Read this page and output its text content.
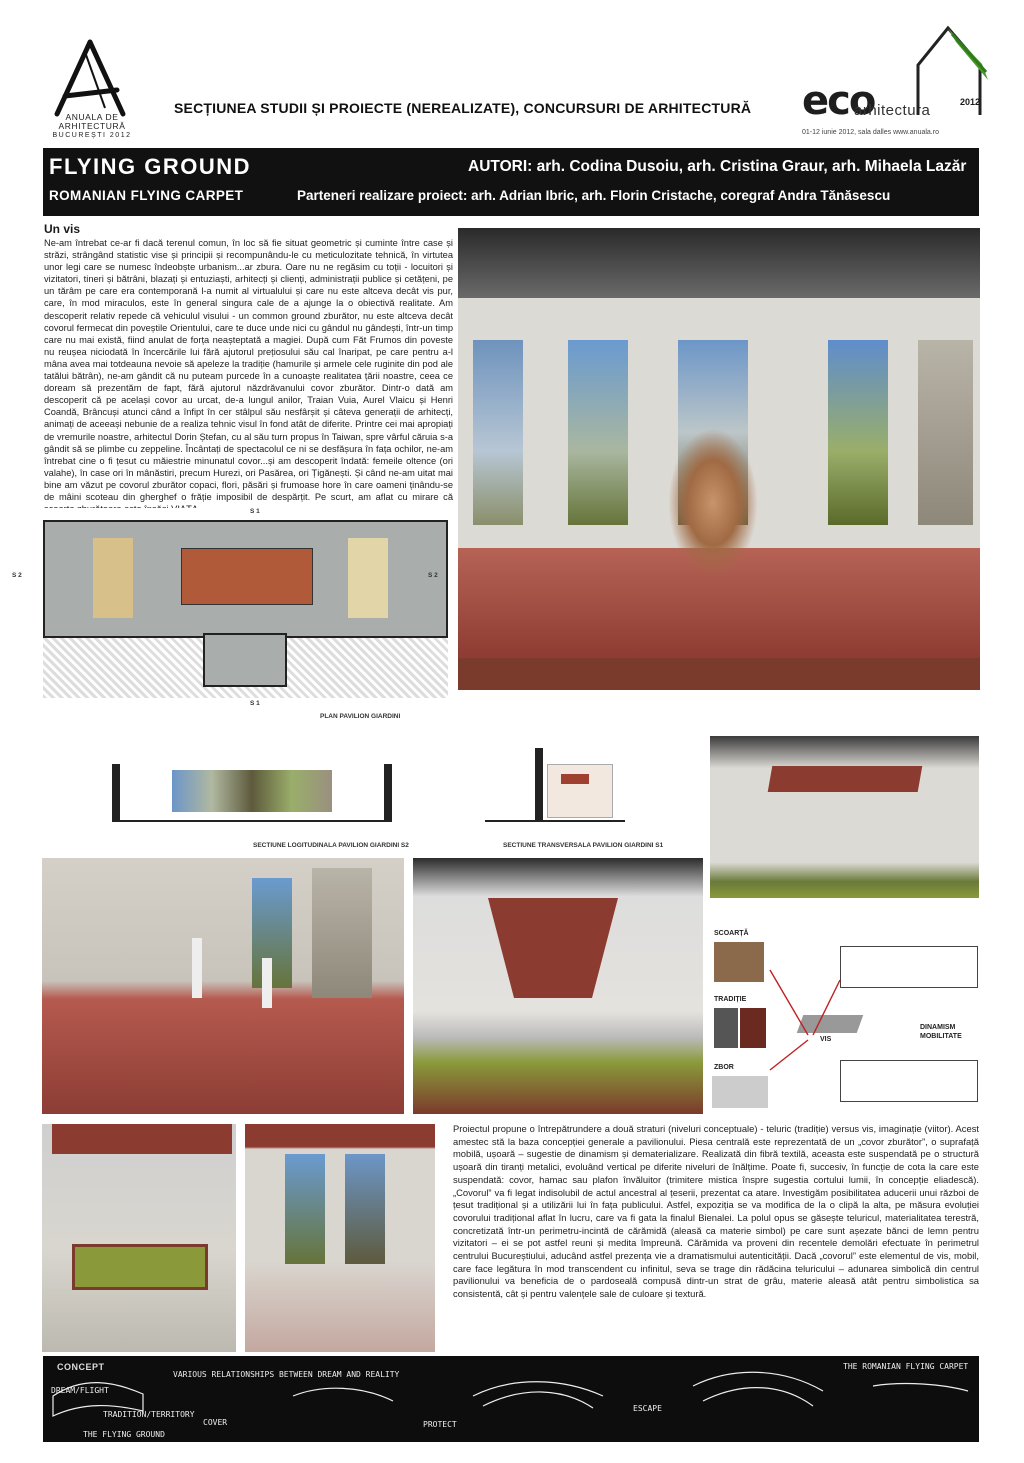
ANUALA DE ARHITECTURĂ
BUCUREȘTI 2012
SECȚIUNEA STUDII ȘI PROIECTE (NEREALIZATE), CONCURSURI DE ARHITECTURĂ eco
arhitectura
01-12 iunie 2012, sala dalles www.anuala.ro
2012
FLYING GROUND
ROMANIAN FLYING CARPET
AUTORI: arh. Codina Dusoiu, arh. Cristina Graur, arh. Mihaela Lazăr
Parteneri realizare proiect: arh. Adrian Ibric, arh. Florin Cristache, coregraf Andra Tănăsescu
Un vis
Ne-am întrebat ce-ar fi dacă terenul comun, în loc să fie situat geometric și cuminte între case și străzi, strângând statistic vise și principii și recompunându-le cu meticulozitate tehnică, în virtutea unor legi care se numesc îndeobște urbanism...ar zbura. Oare nu ne regăsim cu toții - locuitori și vizitatori, tineri și bătrâni, blazați și entuziaști, arhitecți și clienți, administrații publice și cetățeni, pe un tărâm pe care era contemporană l-a numit al virtualului și care nu este altceva decât vis pur, care, în mod miraculos, este în general singura cale de a ajunge la o obiectivă realitate. Am descoperit relativ repede că vehiculul visului - un common ground zburător, nu este altceva decât covorul fermecat din poveștile Orientului, care te duce unde nici cu gândul nu gândești, într-un timp care nu mai există, fiind anulat de forța neașteptată a magiei. După cum Făt Frumos din poveste nu reușea niciodată în încercările lui fără ajutorul prețiosului său cal înaripat, pe care pentru a-l mâna avea mai totdeauna nevoie să apeleze la tradiție (hamurile și armele cele ruginite din pod ale tatălui bătrân), ne-am gândit că nu puteam purcede în a cunoaște realitatea țării noastre, ceea ce doream să prezentăm de fapt, fără ajutorul năzdrăvanului covor zburător. Dintr-o dată am descoperit că pe același covor au urcat, de-a lungul anilor, Traian Vuia, Aurel Vlaicu și Henri Coandă, Brâncuși atunci când a înfipt în cer stâlpul său nesfârșit și câteva generații de arhitecți, animați de aceeași nebunie de a realiza tehnic visul în fond atât de diferite. Printre cei mai apropiați de vremurile noastre, arhitectul Dorin Ștefan, cu al său turn propus în Taiwan, spre vârful căruia s-a gândit să se plimbe cu zeppeline. Încântați de spectacolul ce ni se desfășura în fața ochilor, ne-am întrebat cine o fi țesut cu măiestrie minunatul covor...și am descoperit îndată: femeile oltence (ori valahe), în case ori în mânăstiri, precum Hurezi, ori Pasărea, ori Țigănești. Și când ne-am uitat mai bine am văzut pe covorul zburător copaci, flori, păsări și frumoase hore în care oameni ținându-se de mâini scoteau din gherghef o frăție imposibil de despărțit. Pe scurt, am aflat cu mirare că
S 2	S 2
S 1
S 1
PLAN PAVILION GIARDINI
SECTIUNE LOGITUDINALA PAVILION GIARDINI S2	SECTIUNE TRANSVERSALA PAVILION GIARDINI S1
SCOARȚĂ
TRADIȚIE
ZBOR
VIS
DINAMISM
MOBILITATE
Proiectul propune o întrepătrundere a două straturi (niveluri conceptuale) - teluric (tradiție) versus vis, imaginație (viitor). Acest amestec stă la baza concepției generale a pavilionului. Piesa centrală este reprezentată de un „covor zburător”, o suprafață mobilă, ușoară – sugestie de dinamism și dematerializare. Realizată din fibră textilă, aceasta este suspendată pe o structură ușoară din tiranți metalici, evoluând vertical pe diferite niveluri de înălțime. Poate fi, succesiv, în funcție de cota la care este suspendată: covor, hamac sau plafon învăluitor (trimitere mistica înspre sugestia cortului lumii, în concepție eliadescă). „Covorul” va fi legat indisolubil de actul ancestral al țeserii, prezentat ca atare. Investigăm posibilitatea aducerii unui război de țesut tradițional și a utilizării lui în fața publicului. Astfel, expoziția se va modifica de la o clipă la alta, pe măsura evoluției covorului tradițional aflat în lucru, care va fi gata la finalul Bienalei. La polul opus se găsește teluricul, materialitatea terestră, concretizată într-un perimetru-incintă de cărămidă (aleasă ca materie simbol) pe care sunt așezate bănci de lemn pentru vizitatori – ei se pot astfel reuni și medita împreună. Cărămida va proveni din recentele demolări efectuate în perimetrul centrului Bucureștiului, aducând astfel prezența vie a dramatismului autenticității. Dacă „covorul” este elementul de vis, mobil, care face legătura în mod transcendent cu infinitul, seva se trage din rădăcina teluricului – adunarea simbolică din centrul pavilionului va beneficia de o pardoseală compusă dintr-un strat de grâu, materie aleasă atât pentru simbolistica sa consistentă, cât și pentru valențele sale de culoare și textură.
CONCEPT
DREAM/FLIGHT
VARIOUS RELATIONSHIPS BETWEEN DREAM AND REALITY
COVER	PROTECT
ESCAPE
THE FLYING GROUND
TRADITION/TERRITORY
THE ROMANIAN FLYING CARPET
